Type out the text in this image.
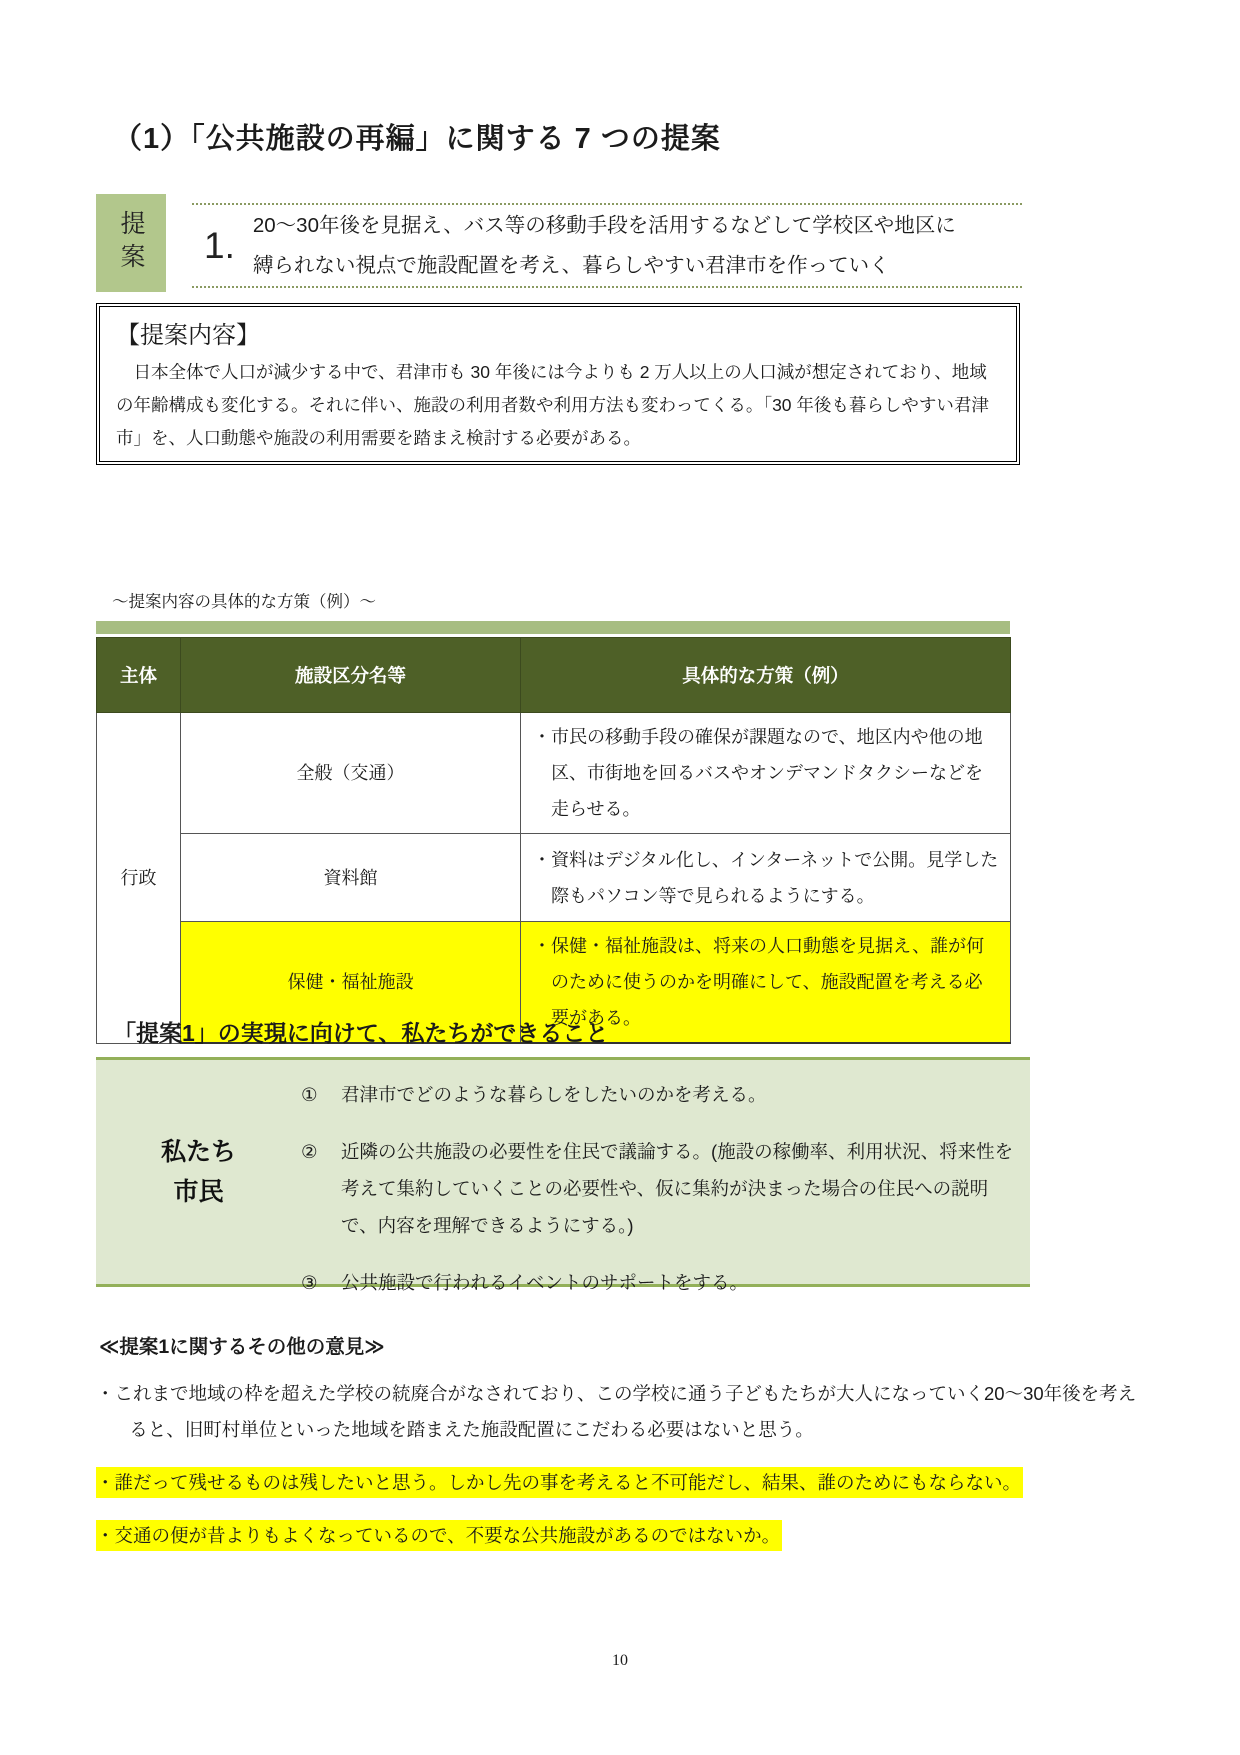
（1）「公共施設の再編」に関する 7 つの提案
提案	1. 20～30年後を見据え、バス等の移動手段を活用するなどして学校区や地区に
縛られない視点で施設配置を考え、暮らしやすい君津市を作っていく
【提案内容】
　日本全体で人口が減少する中で、君津市も 30 年後には今よりも 2 万人以上の人口減が想定されており、地域の年齢構成も変化する。それに伴い、施設の利用者数や利用方法も変わってくる。「30 年後も暮らしやすい君津市」を、人口動態や施設の利用需要を踏まえ検討する必要がある。
～提案内容の具体的な方策（例）～
主体	施設区分名等	具体的な方策（例）
行政	全般（交通）	・市民の移動手段の確保が課題なので、地区内や他の地区、市街地を回るバスやオンデマンドタクシーなどを走らせる。

	資料館	・資料はデジタル化し、インターネットで公開。見学した際もパソコン等で見られるようにする。

	保健・福祉施設	・保健・福祉施設は、将来の人口動態を見据え、誰が何のために使うのかを明確にして、施設配置を考える必要がある。
「提案1」の実現に向けて、私たちができること
私たち
市民
①	君津市でどのような暮らしをしたいのかを考える。
②	近隣の公共施設の必要性を住民で議論する。(施設の稼働率、利用状況、将来性を考えて集約していくことの必要性や、仮に集約が決まった場合の住民への説明で、内容を理解できるようにする。)
③	公共施設で行われるイベントのサポートをする。
≪提案1に関するその他の意見≫
・これまで地域の枠を超えた学校の統廃合がなされており、この学校に通う子どもたちが大人になっていく20～30年後を考えると、旧町村単位といった地域を踏まえた施設配置にこだわる必要はないと思う。
・誰だって残せるものは残したいと思う。しかし先の事を考えると不可能だし、結果、誰のためにもならない。
・交通の便が昔よりもよくなっているので、不要な公共施設があるのではないか。
10
